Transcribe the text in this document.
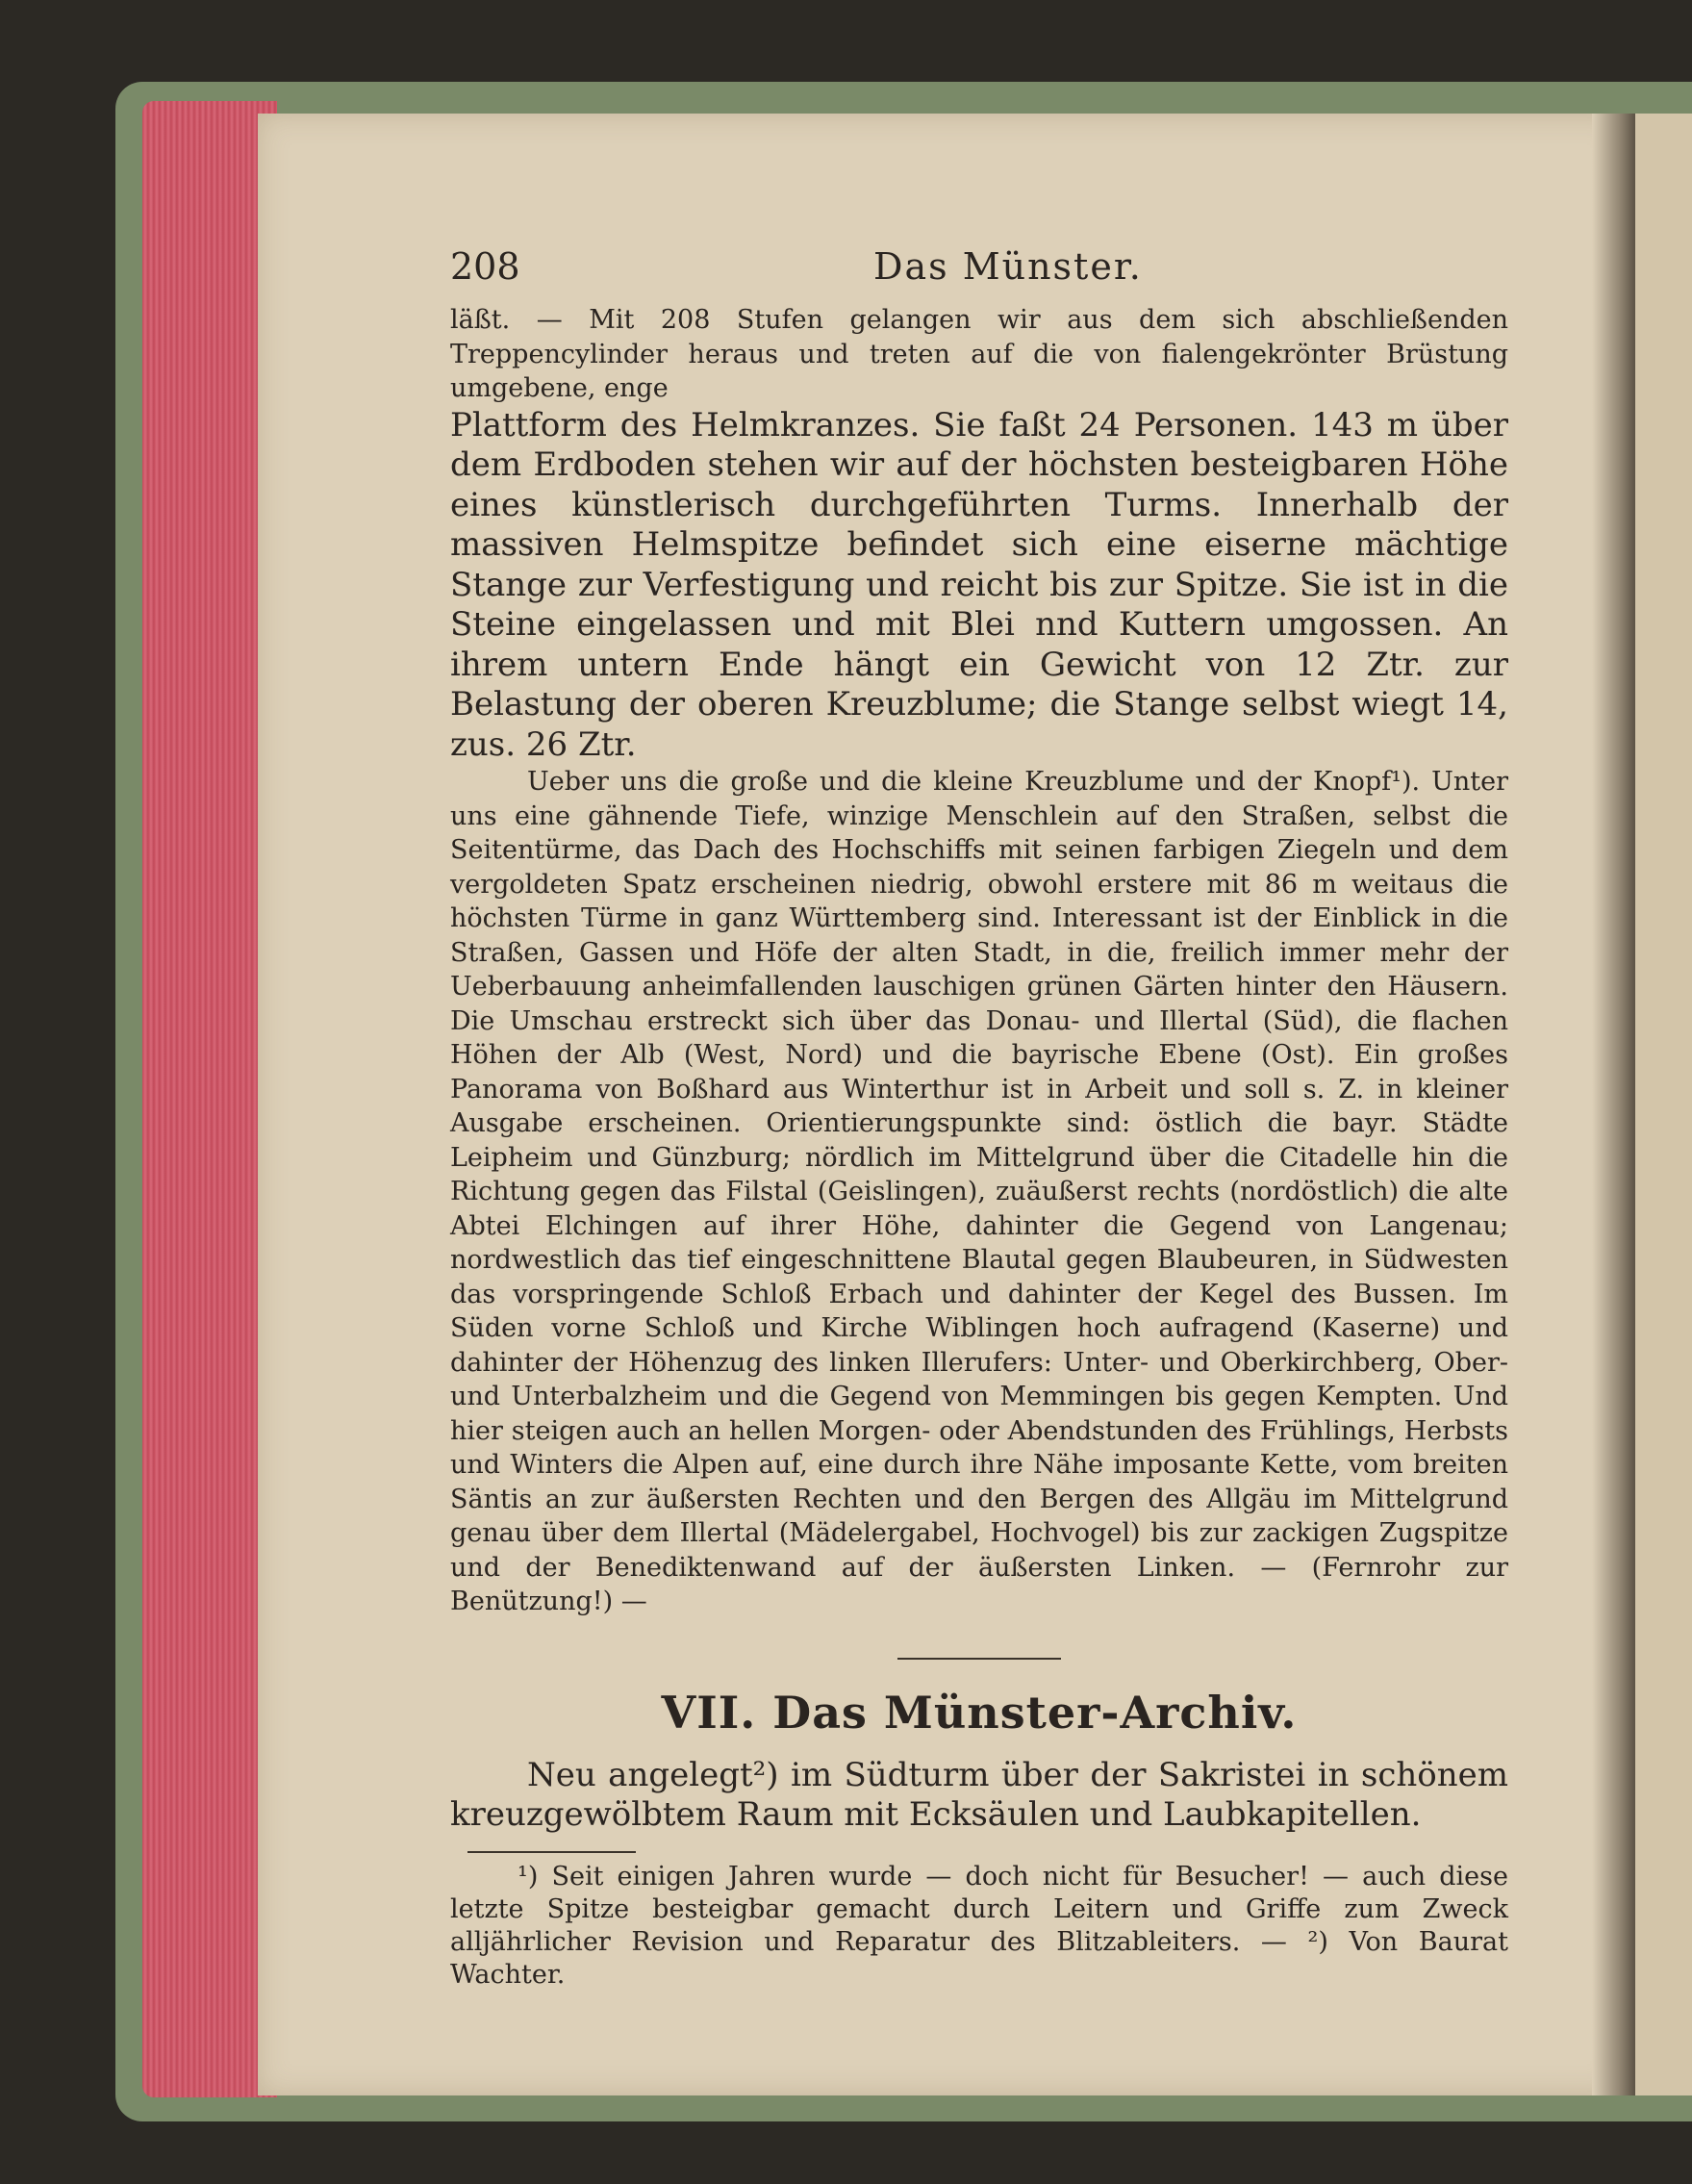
208	Das Münster.

läßt. — Mit 208 Stufen gelangen wir aus dem sich abschließenden Treppencylinder heraus und treten auf die von fialengekrönter Brüstung umgebene, enge

Plattform des Helmkranzes. Sie faßt 24 Personen. 143 m über dem Erdboden stehen wir auf der höchsten besteigbaren Höhe eines künstlerisch durchgeführten Turms. Innerhalb der massiven Helmspitze befindet sich eine eiserne mächtige Stange zur Verfestigung und reicht bis zur Spitze. Sie ist in die Steine eingelassen und mit Blei nnd Kuttern umgossen. An ihrem untern Ende hängt ein Gewicht von 12 Ztr. zur Belastung der oberen Kreuzblume; die Stange selbst wiegt 14, zus. 26 Ztr.

Ueber uns die große und die kleine Kreuzblume und der Knopf¹). Unter uns eine gähnende Tiefe, winzige Menschlein auf den Straßen, selbst die Seitentürme, das Dach des Hochschiffs mit seinen farbigen Ziegeln und dem vergoldeten Spatz erscheinen niedrig, obwohl erstere mit 86 m weitaus die höchsten Türme in ganz Württemberg sind. Interessant ist der Einblick in die Straßen, Gassen und Höfe der alten Stadt, in die, freilich immer mehr der Ueberbauung anheimfallenden lauschigen grünen Gärten hinter den Häusern. Die Umschau erstreckt sich über das Donau- und Illertal (Süd), die flachen Höhen der Alb (West, Nord) und die bayrische Ebene (Ost). Ein großes Panorama von Boßhard aus Winterthur ist in Arbeit und soll s. Z. in kleiner Ausgabe erscheinen. Orientierungspunkte sind: östlich die bayr. Städte Leipheim und Günzburg; nördlich im Mittelgrund über die Citadelle hin die Richtung gegen das Filstal (Geislingen), zuäußerst rechts (nordöstlich) die alte Abtei Elchingen auf ihrer Höhe, dahinter die Gegend von Langenau; nordwestlich das tief eingeschnittene Blautal gegen Blaubeuren, in Südwesten das vorspringende Schloß Erbach und dahinter der Kegel des Bussen. Im Süden vorne Schloß und Kirche Wiblingen hoch aufragend (Kaserne) und dahinter der Höhenzug des linken Illerufers: Unter- und Oberkirchberg, Ober- und Unterbalzheim und die Gegend von Memmingen bis gegen Kempten. Und hier steigen auch an hellen Morgen- oder Abendstunden des Frühlings, Herbsts und Winters die Alpen auf, eine durch ihre Nähe imposante Kette, vom breiten Säntis an zur äußersten Rechten und den Bergen des Allgäu im Mittelgrund genau über dem Illertal (Mädelergabel, Hochvogel) bis zur zackigen Zugspitze und der Benediktenwand auf der äußersten Linken. — (Fernrohr zur Benützung!) —

VII. Das Münster-Archiv.

Neu angelegt²) im Südturm über der Sakristei in schönem kreuzgewölbtem Raum mit Ecksäulen und Laubkapitellen.

¹) Seit einigen Jahren wurde — doch nicht für Besucher! — auch diese letzte Spitze besteigbar gemacht durch Leitern und Griffe zum Zweck alljährlicher Revision und Reparatur des Blitzableiters. — ²) Von Baurat Wachter.
